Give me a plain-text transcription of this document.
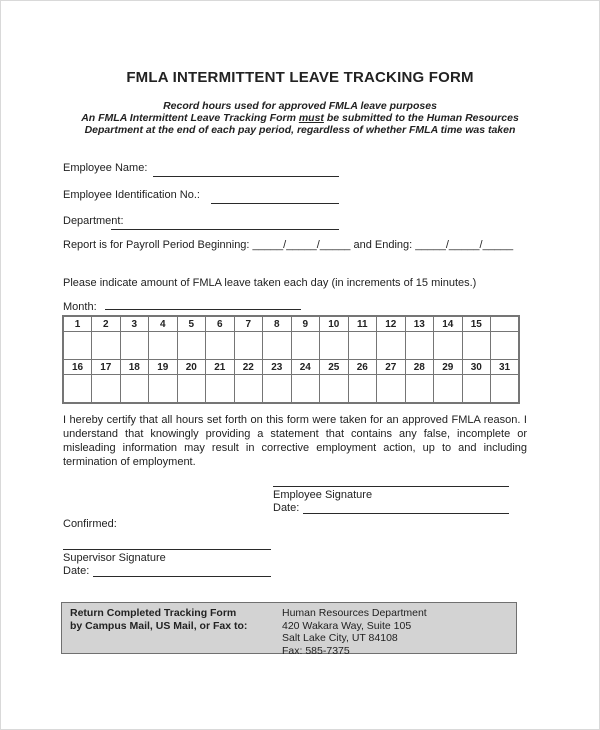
FMLA INTERMITTENT LEAVE TRACKING FORM
Record hours used for approved FMLA leave purposes
An FMLA Intermittent Leave Tracking Form must be submitted to the Human Resources
Department at the end of each pay period, regardless of whether FMLA time was taken
Employee Name:
Employee Identification No.:
Department:
Report is for Payroll Period Beginning: _____/_____/_____ and Ending: _____/_____/_____
Please indicate amount of FMLA leave taken each day (in increments of 15 minutes.)
Month:
1	2	3	4	5	6	7	8	9	10	11	12	13	14	15	

16	17	18	19	20	21	22	23	24	25	26	27	28	29	30	31

I hereby certify that all hours set forth on this form were taken for an approved FMLA reason. I understand that knowingly providing a statement that contains any false, incomplete or misleading information may result in corrective employment action, up to and including termination of employment.
Employee Signature
Date:
Confirmed:
Supervisor Signature
Date:
Return Completed Tracking Form
by Campus Mail, US Mail, or Fax to:
Human Resources Department
420 Wakara Way, Suite 105
Salt Lake City, UT 84108
Fax: 585-7375
